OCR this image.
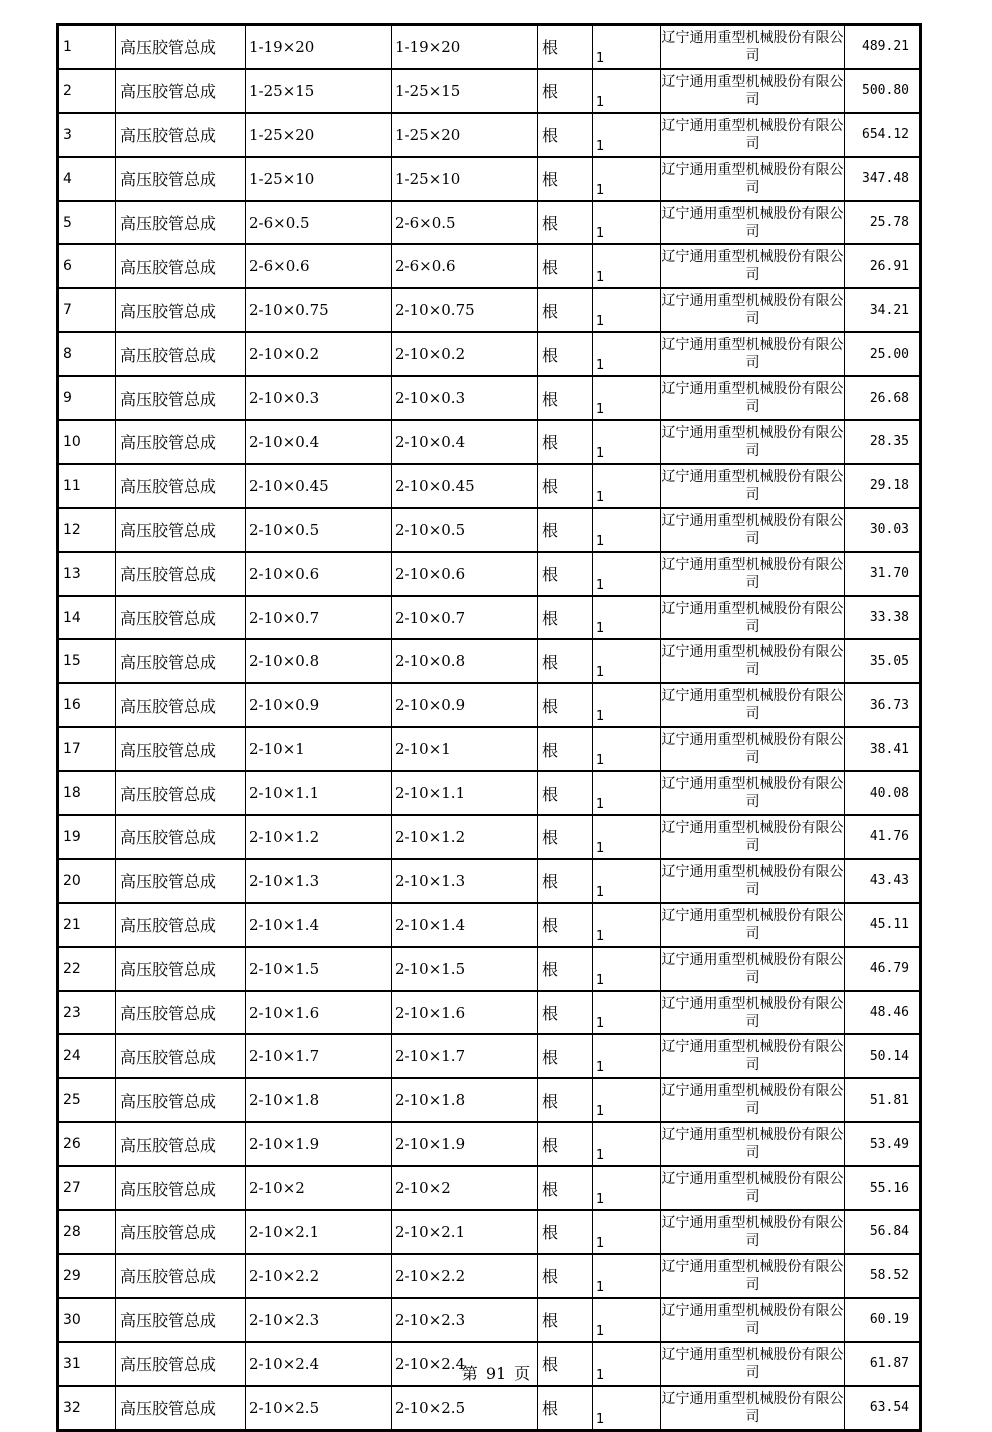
1	高压胶管总成	1-19×20	1-19×20	根	1	辽宁通用重型机械股份有限公司	489.21
2	高压胶管总成	1-25×15	1-25×15	根	1	辽宁通用重型机械股份有限公司	500.80
3	高压胶管总成	1-25×20	1-25×20	根	1	辽宁通用重型机械股份有限公司	654.12
4	高压胶管总成	1-25×10	1-25×10	根	1	辽宁通用重型机械股份有限公司	347.48
5	高压胶管总成	2-6×0.5	2-6×0.5	根	1	辽宁通用重型机械股份有限公司	25.78
6	高压胶管总成	2-6×0.6	2-6×0.6	根	1	辽宁通用重型机械股份有限公司	26.91
7	高压胶管总成	2-10×0.75	2-10×0.75	根	1	辽宁通用重型机械股份有限公司	34.21
8	高压胶管总成	2-10×0.2	2-10×0.2	根	1	辽宁通用重型机械股份有限公司	25.00
9	高压胶管总成	2-10×0.3	2-10×0.3	根	1	辽宁通用重型机械股份有限公司	26.68
10	高压胶管总成	2-10×0.4	2-10×0.4	根	1	辽宁通用重型机械股份有限公司	28.35
11	高压胶管总成	2-10×0.45	2-10×0.45	根	1	辽宁通用重型机械股份有限公司	29.18
12	高压胶管总成	2-10×0.5	2-10×0.5	根	1	辽宁通用重型机械股份有限公司	30.03
13	高压胶管总成	2-10×0.6	2-10×0.6	根	1	辽宁通用重型机械股份有限公司	31.70
14	高压胶管总成	2-10×0.7	2-10×0.7	根	1	辽宁通用重型机械股份有限公司	33.38
15	高压胶管总成	2-10×0.8	2-10×0.8	根	1	辽宁通用重型机械股份有限公司	35.05
16	高压胶管总成	2-10×0.9	2-10×0.9	根	1	辽宁通用重型机械股份有限公司	36.73
17	高压胶管总成	2-10×1	2-10×1	根	1	辽宁通用重型机械股份有限公司	38.41
18	高压胶管总成	2-10×1.1	2-10×1.1	根	1	辽宁通用重型机械股份有限公司	40.08
19	高压胶管总成	2-10×1.2	2-10×1.2	根	1	辽宁通用重型机械股份有限公司	41.76
20	高压胶管总成	2-10×1.3	2-10×1.3	根	1	辽宁通用重型机械股份有限公司	43.43
21	高压胶管总成	2-10×1.4	2-10×1.4	根	1	辽宁通用重型机械股份有限公司	45.11
22	高压胶管总成	2-10×1.5	2-10×1.5	根	1	辽宁通用重型机械股份有限公司	46.79
23	高压胶管总成	2-10×1.6	2-10×1.6	根	1	辽宁通用重型机械股份有限公司	48.46
24	高压胶管总成	2-10×1.7	2-10×1.7	根	1	辽宁通用重型机械股份有限公司	50.14
25	高压胶管总成	2-10×1.8	2-10×1.8	根	1	辽宁通用重型机械股份有限公司	51.81
26	高压胶管总成	2-10×1.9	2-10×1.9	根	1	辽宁通用重型机械股份有限公司	53.49
27	高压胶管总成	2-10×2	2-10×2	根	1	辽宁通用重型机械股份有限公司	55.16
28	高压胶管总成	2-10×2.1	2-10×2.1	根	1	辽宁通用重型机械股份有限公司	56.84
29	高压胶管总成	2-10×2.2	2-10×2.2	根	1	辽宁通用重型机械股份有限公司	58.52
30	高压胶管总成	2-10×2.3	2-10×2.3	根	1	辽宁通用重型机械股份有限公司	60.19
31	高压胶管总成	2-10×2.4	2-10×2.4	根	1	辽宁通用重型机械股份有限公司	61.87
32	高压胶管总成	2-10×2.5	2-10×2.5	根	1	辽宁通用重型机械股份有限公司	63.54
第 91 页
